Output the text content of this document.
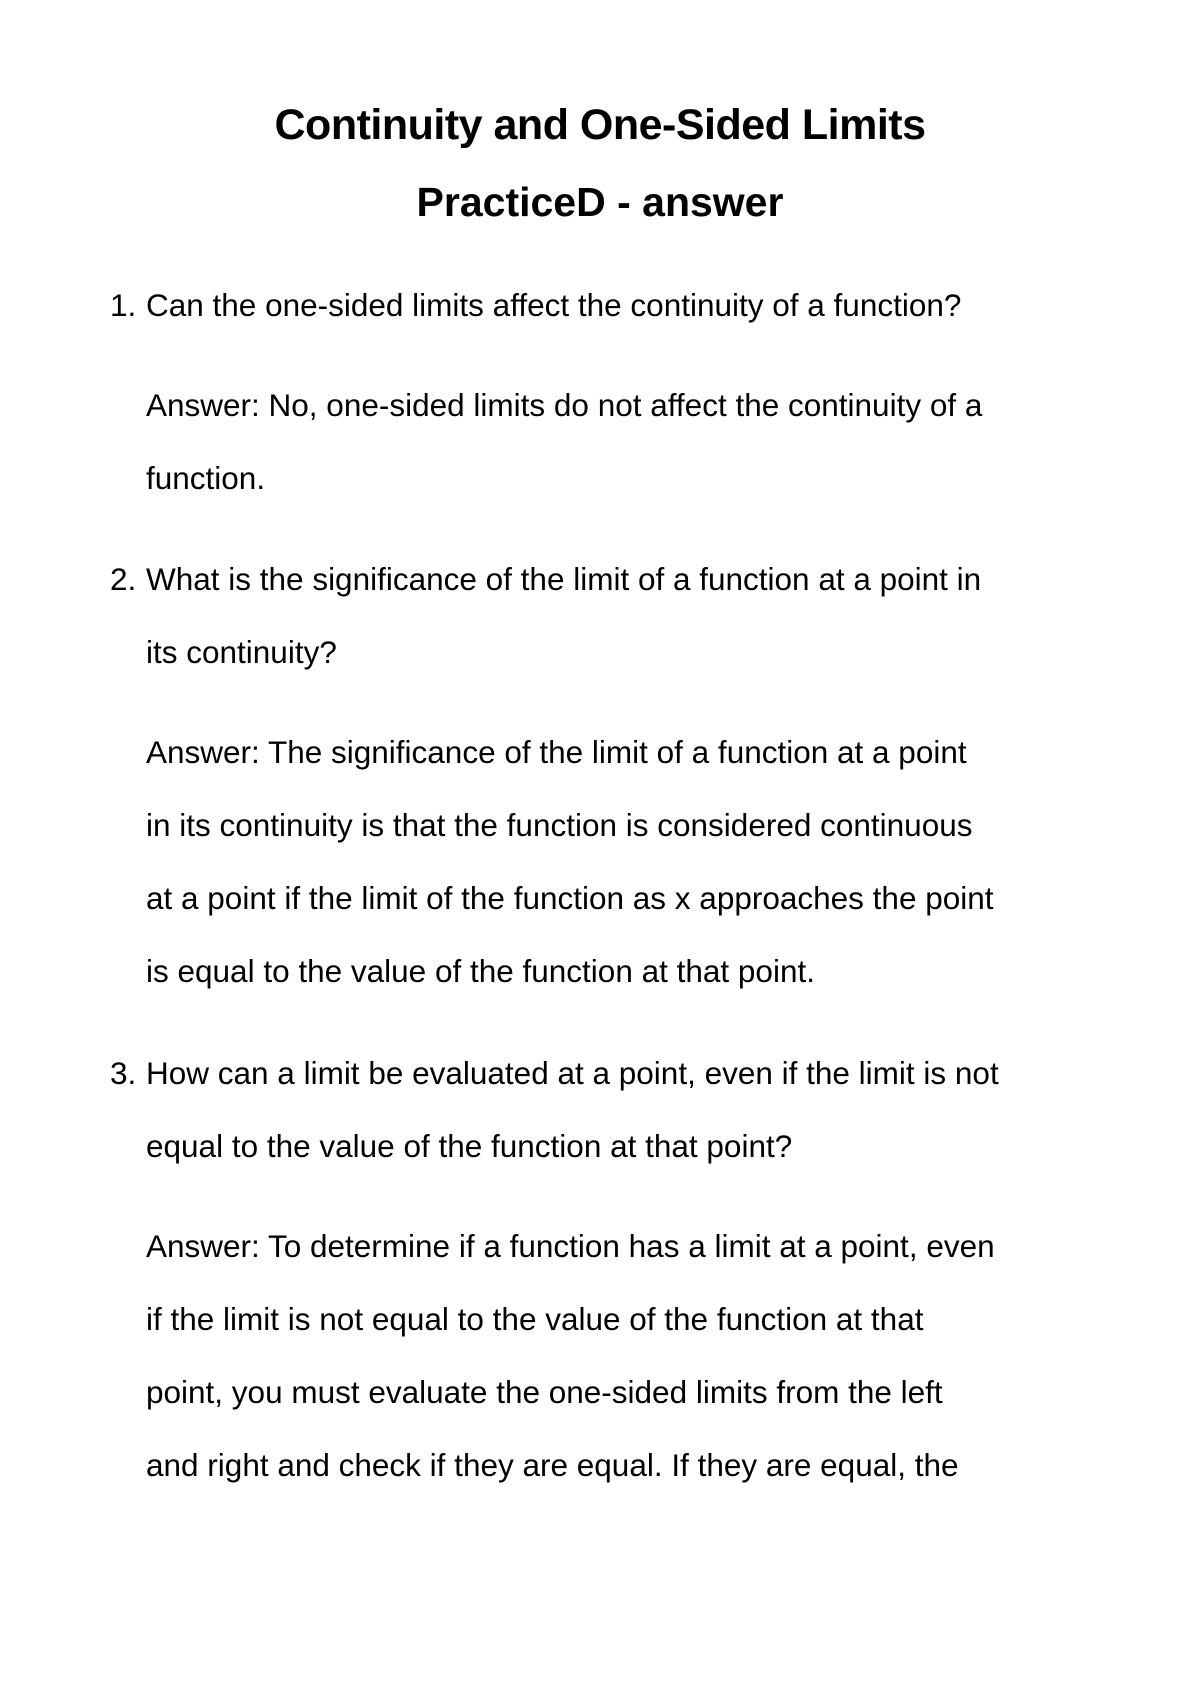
Continuity and One-Sided Limits
PracticeD - answer
1. Can the one-sided limits affect the continuity of a function?
Answer: No, one-sided limits do not affect the continuity of a
function.
2. What is the significance of the limit of a function at a point in
its continuity?
Answer: The significance of the limit of a function at a point
in its continuity is that the function is considered continuous
at a point if the limit of the function as x approaches the point
is equal to the value of the function at that point.
3. How can a limit be evaluated at a point, even if the limit is not
equal to the value of the function at that point?
Answer: To determine if a function has a limit at a point, even
if the limit is not equal to the value of the function at that
point, you must evaluate the one-sided limits from the left
and right and check if they are equal. If they are equal, the
